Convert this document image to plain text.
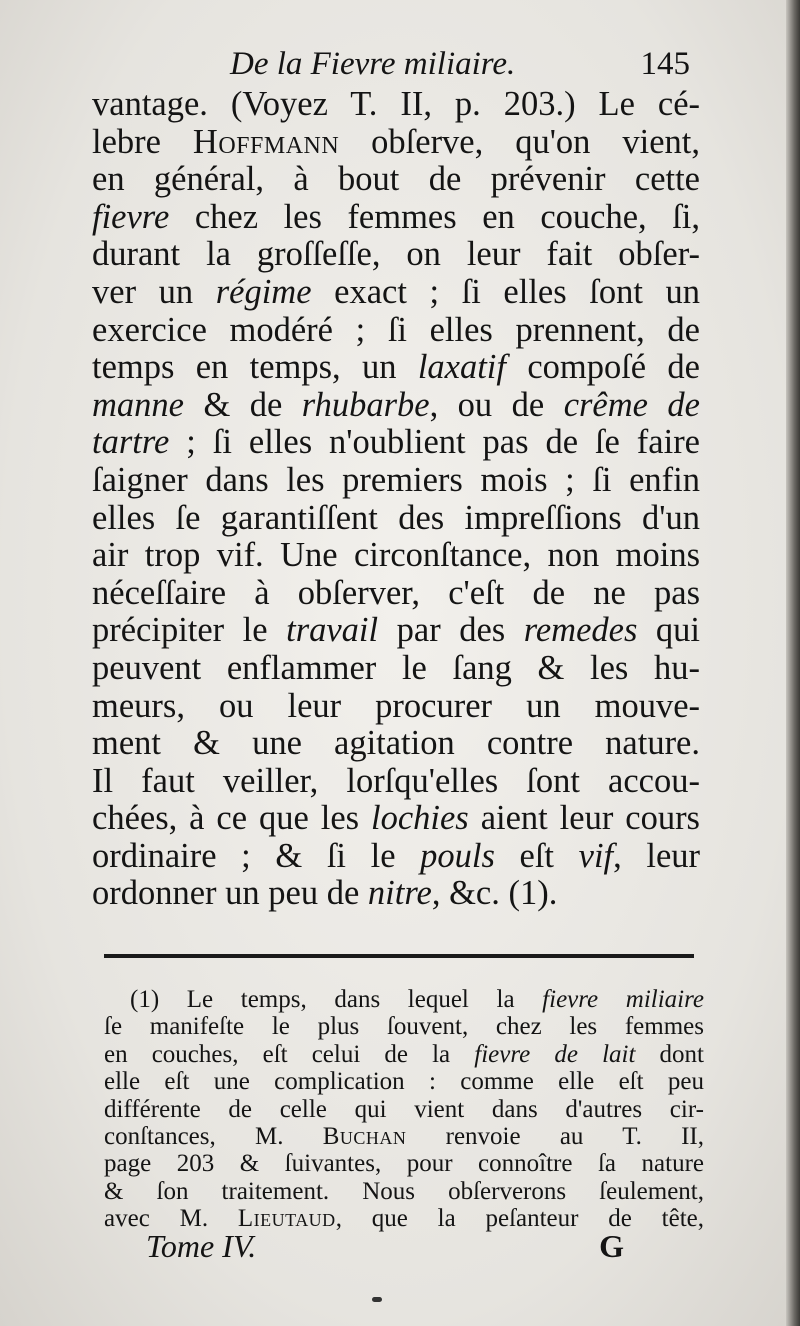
De la Fievre miliaire.	145
vantage. (Voyez T. II, p. 203.) Le cé-
lebre Hoffmann obſerve, qu'on vient,
en général, à bout de prévenir cette
fievre chez les femmes en couche, ſi,
durant la groſſeſſe, on leur fait obſer-
ver un régime exact ; ſi elles ſont un
exercice modéré ; ſi elles prennent, de
temps en temps, un laxatif compoſé de
manne & de rhubarbe, ou de crême de
tartre ; ſi elles n'oublient pas de ſe faire
ſaigner dans les premiers mois ; ſi enfin
elles ſe garantiſſent des impreſſions d'un
air trop vif. Une circonſtance, non moins
néceſſaire à obſerver, c'eſt de ne pas
précipiter le travail par des remedes qui
peuvent enflammer le ſang & les hu-
meurs, ou leur procurer un mouve-
ment & une agitation contre nature.
Il faut veiller, lorſqu'elles ſont accou-
chées, à ce que les lochies aient leur cours
ordinaire ; & ſi le pouls eſt vif, leur
ordonner un peu de nitre, &c. (1).
(1) Le temps, dans lequel la fievre miliaire
ſe manifeſte le plus ſouvent, chez les femmes
en couches, eſt celui de la fievre de lait dont
elle eſt une complication : comme elle eſt peu
différente de celle qui vient dans d'autres cir-
conſtances, M. Buchan renvoie au T. II,
page 203 & ſuivantes, pour connoître ſa nature
& ſon traitement. Nous obſerverons ſeulement,
avec M. Lieutaud, que la peſanteur de tête,
Tome IV.	G
